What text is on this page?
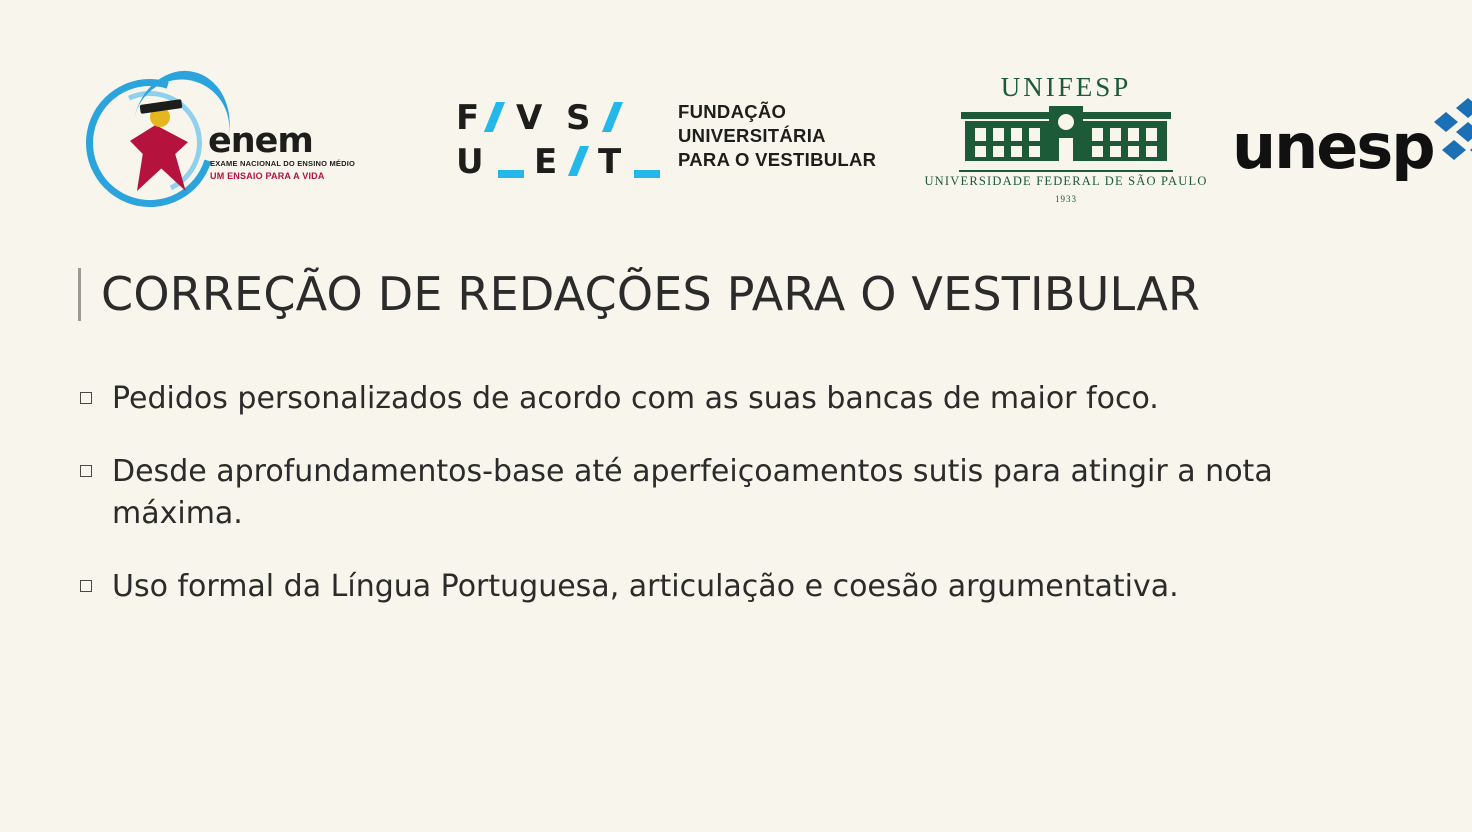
enem
EXAME NACIONAL DO ENSINO MÉDIO
UM ENSAIO PARA A VIDA
F V S
U E T
FUNDAÇÃO
UNIVERSITÁRIA
PARA O VESTIBULAR
UNIFESP
UNIVERSIDADE FEDERAL DE SÃO PAULO
1933
unesp
CORREÇÃO DE REDAÇÕES PARA O VESTIBULAR
Pedidos personalizados de acordo com as suas bancas de maior foco.
Desde aprofundamentos-base até aperfeiçoamentos sutis para atingir a nota máxima.
Uso formal da Língua Portuguesa, articulação e coesão argumentativa.
